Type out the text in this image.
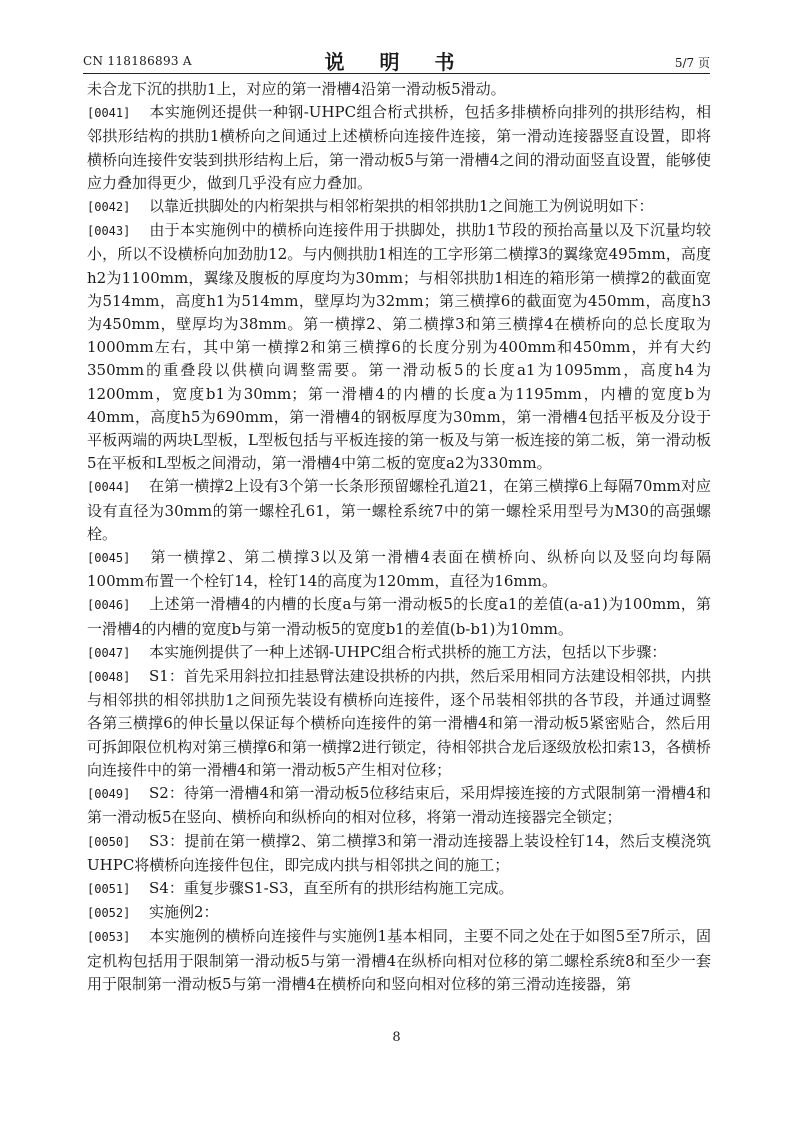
CN 118186893 A	说 明 书	5/7 页

未合龙下沉的拱肋1上，对应的第一滑槽4沿第一滑动板5滑动。

[0041] 本实施例还提供一种钢-UHPC组合桁式拱桥，包括多排横桥向排列的拱形结构，相邻拱形结构的拱肋1横桥向之间通过上述横桥向连接件连接，第一滑动连接器竖直设置，即将横桥向连接件安装到拱形结构上后，第一滑动板5与第一滑槽4之间的滑动面竖直设置，能够使应力叠加得更少，做到几乎没有应力叠加。

[0042] 以靠近拱脚处的内桁架拱与相邻桁架拱的相邻拱肋1之间施工为例说明如下：

[0043] 由于本实施例中的横桥向连接件用于拱脚处，拱肋1节段的预抬高量以及下沉量均较小，所以不设横桥向加劲肋12。与内侧拱肋1相连的工字形第二横撑3的翼缘宽495mm，高度h2为1100mm，翼缘及腹板的厚度均为30mm；与相邻拱肋1相连的箱形第一横撑2的截面宽为514mm，高度h1为514mm，壁厚均为32mm；第三横撑6的截面宽为450mm，高度h3为450mm，壁厚均为38mm。第一横撑2、第二横撑3和第三横撑4在横桥向的总长度取为1000mm左右，其中第一横撑2和第三横撑6的长度分别为400mm和450mm，并有大约350mm的重叠段以供横向调整需要。第一滑动板5的长度a1为1095mm，高度h4为1200mm，宽度b1为30mm；第一滑槽4的内槽的长度a为1195mm，内槽的宽度b为40mm，高度h5为690mm，第一滑槽4的钢板厚度为30mm，第一滑槽4包括平板及分设于平板两端的两块L型板，L型板包括与平板连接的第一板及与第一板连接的第二板，第一滑动板5在平板和L型板之间滑动，第一滑槽4中第二板的宽度a2为330mm。

[0044] 在第一横撑2上设有3个第一长条形预留螺栓孔道21，在第三横撑6上每隔70mm对应设有直径为30mm的第一螺栓孔61，第一螺栓系统7中的第一螺栓采用型号为M30的高强螺栓。

[0045] 第一横撑2、第二横撑3以及第一滑槽4表面在横桥向、纵桥向以及竖向均每隔100mm布置一个栓钉14，栓钉14的高度为120mm，直径为16mm。

[0046] 上述第一滑槽4的内槽的长度a与第一滑动板5的长度a1的差值(a-a1)为100mm，第一滑槽4的内槽的宽度b与第一滑动板5的宽度b1的差值(b-b1)为10mm。

[0047] 本实施例提供了一种上述钢-UHPC组合桁式拱桥的施工方法，包括以下步骤：

[0048] S1：首先采用斜拉扣挂悬臂法建设拱桥的内拱，然后采用相同方法建设相邻拱，内拱与相邻拱的相邻拱肋1之间预先装设有横桥向连接件，逐个吊装相邻拱的各节段，并通过调整各第三横撑6的伸长量以保证每个横桥向连接件的第一滑槽4和第一滑动板5紧密贴合，然后用可拆卸限位机构对第三横撑6和第一横撑2进行锁定，待相邻拱合龙后逐级放松扣索13，各横桥向连接件中的第一滑槽4和第一滑动板5产生相对位移；

[0049] S2：待第一滑槽4和第一滑动板5位移结束后，采用焊接连接的方式限制第一滑槽4和第一滑动板5在竖向、横桥向和纵桥向的相对位移，将第一滑动连接器完全锁定；

[0050] S3：提前在第一横撑2、第二横撑3和第一滑动连接器上装设栓钉14，然后支模浇筑UHPC将横桥向连接件包住，即完成内拱与相邻拱之间的施工；

[0051] S4：重复步骤S1-S3，直至所有的拱形结构施工完成。

[0052] 实施例2：

[0053] 本实施例的横桥向连接件与实施例1基本相同，主要不同之处在于如图5至7所示，固定机构包括用于限制第一滑动板5与第一滑槽4在纵桥向相对位移的第二螺栓系统8和至少一套用于限制第一滑动板5与第一滑槽4在横桥向和竖向相对位移的第三滑动连接器，第

8
